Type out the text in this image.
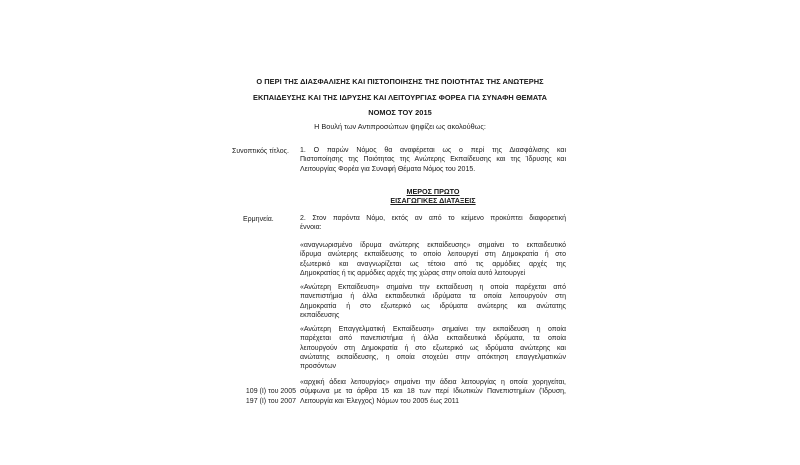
Ο ΠΕΡΙ ΤΗΣ ΔΙΑΣΦΑΛΙΣΗΣ ΚΑΙ ΠΙΣΤΟΠΟΙΗΣΗΣ ΤΗΣ ΠΟΙΟΤΗΤΑΣ ΤΗΣ ΑΝΩΤΕΡΗΣ
ΕΚΠΑΙΔΕΥΣΗΣ ΚΑΙ ΤΗΣ ΙΔΡΥΣΗΣ ΚΑΙ ΛΕΙΤΟΥΡΓΙΑΣ ΦΟΡΕΑ ΓΙΑ ΣΥΝΑΦΗ ΘΕΜΑΤΑ
ΝΟΜΟΣ ΤΟΥ 2015
Η Βουλή των Αντιπροσώπων ψηφίζει ως ακολούθως:
Συνοπτικός τίτλος. 1. Ο παρών Νόμος θα αναφέρεται ως ο περί της Διασφάλισης και
Πιστοποίησης της Ποιότητας της Ανώτερης Εκπαίδευσης και της Ίδρυσης και
Λειτουργίας Φορέα για Συναφή Θέματα Νόμος του 2015.
ΜΕΡΟΣ ΠΡΩΤΟ
ΕΙΣΑΓΩΓΙΚΕΣ ΔΙΑΤΑΞΕΙΣ
Ερμηνεία.	2. Στον παρόντα Νόμο, εκτός αν από το κείμενο προκύπτει διαφορετική
έννοια:
«αναγνωρισμένο ίδρυμα ανώτερης εκπαίδευσης» σημαίνει το εκπαιδευτικό
ίδρυμα ανώτερης εκπαίδευσης το οποίο λειτουργεί στη Δημοκρατία ή στο
εξωτερικό και αναγνωρίζεται ως τέτοιο από τις αρμόδιες αρχές της
Δημοκρατίας ή τις αρμόδιες αρχές της χώρας στην οποία αυτό λειτουργεί
«Ανώτερη Εκπαίδευση» σημαίνει την εκπαίδευση η οποία παρέχεται από
πανεπιστήμια ή άλλα εκπαιδευτικά ιδρύματα τα οποία λειτουργούν στη
Δημοκρατία ή στο εξωτερικό ως ιδρύματα ανώτερης και ανώτατης
εκπαίδευσης
«Ανώτερη Επαγγελματική Εκπαίδευση» σημαίνει την εκπαίδευση η οποία
παρέχεται από πανεπιστήμια ή άλλα εκπαιδευτικά ιδρύματα, τα οποία
λειτουργούν στη Δημοκρατία ή στο εξωτερικό ως ιδρύματα ανώτερης και
ανώτατης εκπαίδευσης, η οποία στοχεύει στην απόκτηση επαγγελματικών
προσόντων
«αρχική άδεια λειτουργίας» σημαίνει την άδεια λειτουργίας η οποία χορηγείται,
σύμφωνα με τα άρθρα 15 και 18 των περί Ιδιωτικών Πανεπιστημίων (Ίδρυση,
Λειτουργία και Έλεγχος) Νόμων του 2005 έως 2011
109 (Ι) του 2005
197 (Ι) του 2007
